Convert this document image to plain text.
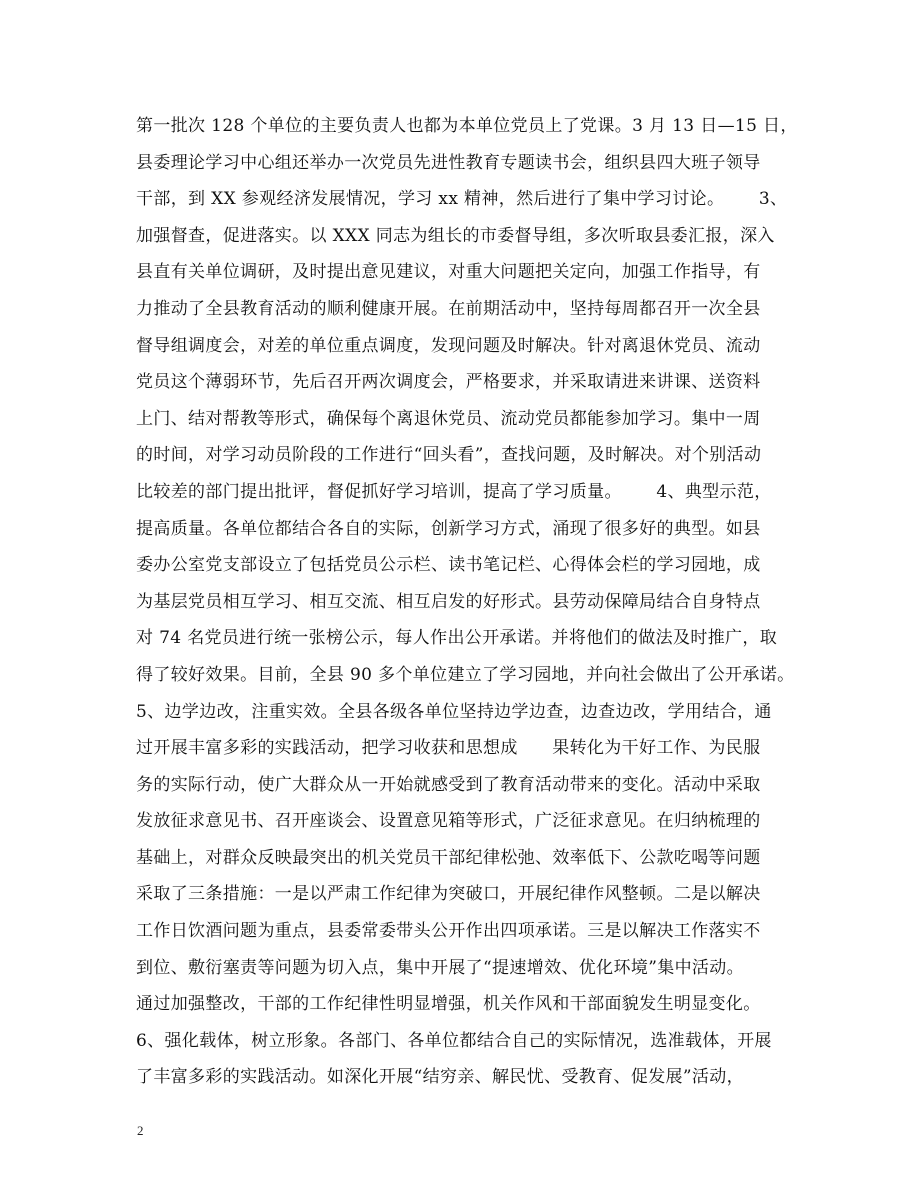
第一批次 128 个单位的主要负责人也都为本单位党员上了党课。3 月 13 日—15 日，
县委理论学习中心组还举办一次党员先进性教育专题读书会，组织县四大班子领导
干部，到 XX 参观经济发展情况，学习 xx 精神，然后进行了集中学习讨论。      3、
加强督查，促进落实。以 XXX 同志为组长的市委督导组，多次听取县委汇报，深入
县直有关单位调研，及时提出意见建议，对重大问题把关定向，加强工作指导，有
力推动了全县教育活动的顺利健康开展。在前期活动中，坚持每周都召开一次全县
督导组调度会，对差的单位重点调度，发现问题及时解决。针对离退休党员、流动
党员这个薄弱环节，先后召开两次调度会，严格要求，并采取请进来讲课、送资料
上门、结对帮教等形式，确保每个离退休党员、流动党员都能参加学习。集中一周
的时间，对学习动员阶段的工作进行“回头看”，查找问题，及时解决。对个别活动
比较差的部门提出批评，督促抓好学习培训，提高了学习质量。      4、典型示范，
提高质量。各单位都结合各自的实际，创新学习方式，涌现了很多好的典型。如县
委办公室党支部设立了包括党员公示栏、读书笔记栏、心得体会栏的学习园地，成
为基层党员相互学习、相互交流、相互启发的好形式。县劳动保障局结合自身特点
对 74 名党员进行统一张榜公示，每人作出公开承诺。并将他们的做法及时推广，取
得了较好效果。目前，全县 90 多个单位建立了学习园地，并向社会做出了公开承诺。
5、边学边改，注重实效。全县各级各单位坚持边学边查，边查边改，学用结合，通
过开展丰富多彩的实践活动，把学习收获和思想成      果转化为干好工作、为民服
务的实际行动，使广大群众从一开始就感受到了教育活动带来的变化。活动中采取
发放征求意见书、召开座谈会、设置意见箱等形式，广泛征求意见。在归纳梳理的
基础上，对群众反映最突出的机关党员干部纪律松弛、效率低下、公款吃喝等问题
采取了三条措施：一是以严肃工作纪律为突破口，开展纪律作风整顿。二是以解决
工作日饮酒问题为重点，县委常委带头公开作出四项承诺。三是以解决工作落实不
到位、敷衍塞责等问题为切入点，集中开展了“提速增效、优化环境”集中活动。
通过加强整改，干部的工作纪律性明显增强，机关作风和干部面貌发生明显变化。
6、强化载体，树立形象。各部门、各单位都结合自己的实际情况，选准载体，开展
了丰富多彩的实践活动。如深化开展“结穷亲、解民忧、受教育、促发展”活动，
2
